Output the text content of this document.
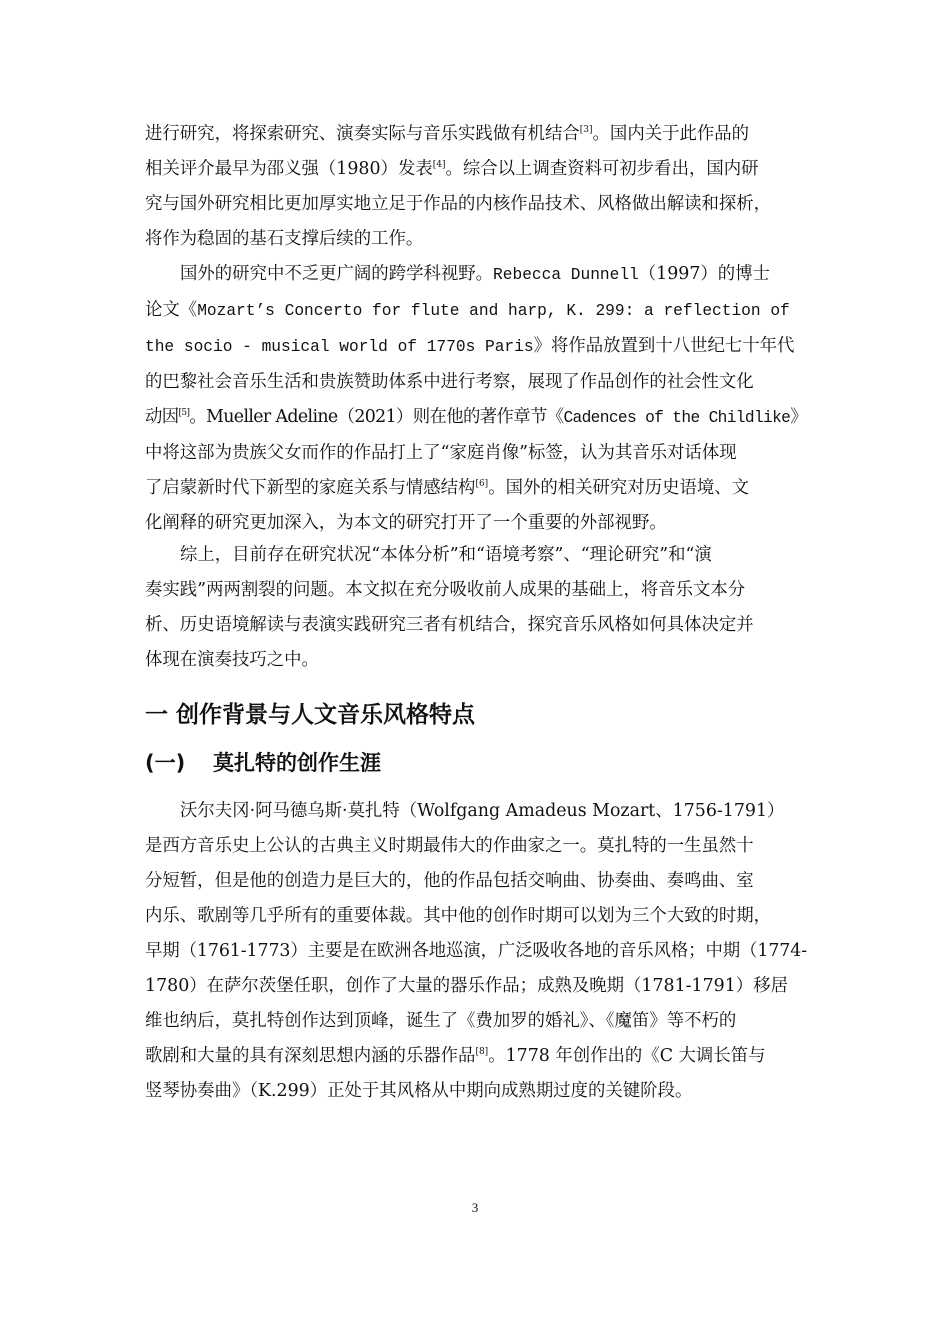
进行研究，将探索研究、演奏实际与音乐实践做有机结合[3]。国内关于此作品的
相关评介最早为邵义强（1980）发表[4]。综合以上调查资料可初步看出，国内研
究与国外研究相比更加厚实地立足于作品的内核作品技术、风格做出解读和探析，
将作为稳固的基石支撑后续的工作。
国外的研究中不乏更广阔的跨学科视野。Rebecca Dunnell（1997）的博士
论文《Mozart’s Concerto for flute and harp, K. 299: a reflection of
the socio - musical world of 1770s Paris》将作品放置到十八世纪七十年代
的巴黎社会音乐生活和贵族赞助体系中进行考察，展现了作品创作的社会性文化
动因[5]。Mueller Adeline（2021）则在他的著作章节《Cadences of the Childlike》
中将这部为贵族父女而作的作品打上了“家庭肖像”标签，认为其音乐对话体现
了启蒙新时代下新型的家庭关系与情感结构[6]。国外的相关研究对历史语境、文
化阐释的研究更加深入，为本文的研究打开了一个重要的外部视野。
综上，目前存在研究状况“本体分析”和“语境考察”、“理论研究”和“演
奏实践”两两割裂的问题。本文拟在充分吸收前人成果的基础上，将音乐文本分
析、历史语境解读与表演实践研究三者有机结合，探究音乐风格如何具体决定并
体现在演奏技巧之中。
一 创作背景与人文音乐风格特点
(一) 莫扎特的创作生涯
沃尔夫冈·阿马德乌斯·莫扎特（Wolfgang Amadeus Mozart、1756-1791）
是西方音乐史上公认的古典主义时期最伟大的作曲家之一。莫扎特的一生虽然十
分短暂，但是他的创造力是巨大的，他的作品包括交响曲、协奏曲、奏鸣曲、室
内乐、歌剧等几乎所有的重要体裁。其中他的创作时期可以划为三个大致的时期，
早期（1761-1773）主要是在欧洲各地巡演，广泛吸收各地的音乐风格；中期（1774-
1780）在萨尔茨堡任职，创作了大量的器乐作品；成熟及晚期（1781-1791）移居
维也纳后，莫扎特创作达到顶峰，诞生了《费加罗的婚礼》、《魔笛》等不朽的
歌剧和大量的具有深刻思想内涵的乐器作品[8]。1778 年创作出的《C 大调长笛与
竖琴协奏曲》（K.299）正处于其风格从中期向成熟期过度的关键阶段。
3
